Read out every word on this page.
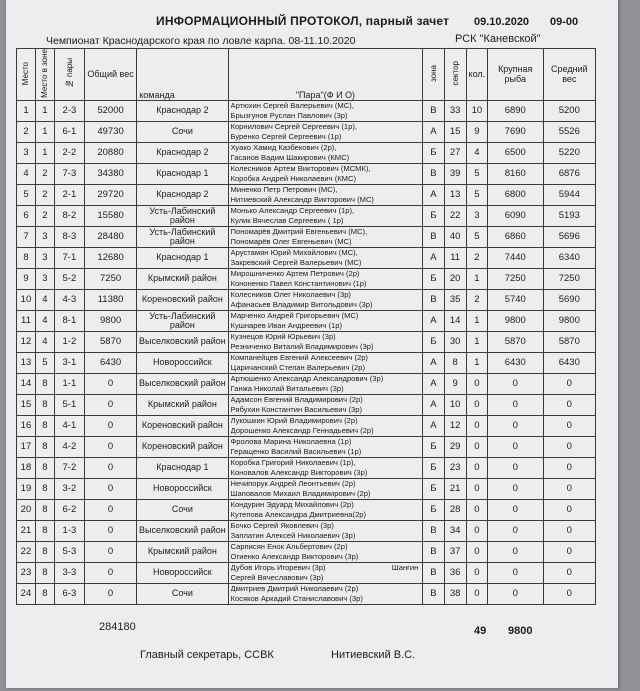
ИНФОРМАЦИОННЫЙ ПРОТОКОЛ, парный зачет 09.10.2020 09-00
Чемпионат Краснодарского края по ловле карпа. 08-11.10.2020	РСК "Каневской"
Место	Место в зоне	№ пары	Общий вес	команда	"Пара"(Ф И О)	зона	сектор	кол.	Крупная рыба	Средний вес
1	1	2-3	52000	Краснодар 2	Артюхин Сергей Валерьевич (МС),
Брызгунов Руслан Павлович (3р)	В	33	10	6890	5200
2	1	6-1	49730	Сочи	Корнилович Сергей Сергеевич (1р),
Буренко Сергей Сергеевич (1р)	А	15	9	7690	5526
3	1	2-2	20880	Краснодар 2	Хуако Хамид Казбекович (2р),
Гасанов Вадим Шакирович (КМС)	Б	27	4	6500	5220
4	2	7-3	34380	Краснодар 1	Колесников Артем Викторович (МСМК),
Коробка Андрей Николаевич (КМС)	В	39	5	8160	6876
5	2	2-1	29720	Краснодар 2	Миненко Петр Петрович (МС),
Нитиевский Александр Викторович (МС)	А	13	5	6800	5944
6	2	8-2	15580	Усть-Лабинский район	Монько Александр Сергеевич (1р),
Кулик Вячеслав Сергеевич ( 1р)	Б	22	3	6090	5193
7	3	8-3	28480	Усть-Лабинский район	Пономарёв Дмитрий Евгеньевич (МС),
Пономарёв Олег Евгеньевич (МС)	В	40	5	6860	5696
8	3	7-1	12680	Краснодар 1	Арустамян Юрий Михайлович (МС),
Закревский Сергей Валерьевич (МС)	А	11	2	7440	6340
9	3	5-2	7250	Крымский район	Мирошниченко Артем Петрович (2р)
Кононенко Павел Константинович (1р)	Б	20	1	7250	7250
10	4	4-3	11380	Кореновский район	Колесников Олег Николаевич (3р)
Афанасьев Владимир Витольдович (3р)	В	35	2	5740	5690
11	4	8-1	9800	Усть-Лабинский район	Марченко Андрей Григорьевич (МС)
Кушнарев Иван Андреевич (1р)	А	14	1	9800	9800
12	4	1-2	5870	Выселковский район	Кузнецов Юрий Юрьевич (3р)
Резниченко Виталий Владимирович (3р)	Б	30	1	5870	5870
13	5	3-1	6430	Новороссийск	Компанейцев Евгений Алексеевич (2р)
Царичанский Степан Валерьевич (2р)	А	8	1	6430	6430
14	8	1-1	0	Выселковский район	Артюшенко Александр Александрович (3р)
Ганжа Николай Витальевич (3р)	А	9	0	0	0
15	8	5-1	0	Крымский район	Адамсон Евгений Владимирович (2р)
Рябухин Константин Васильевич (3р)	А	10	0	0	0
16	8	4-1	0	Кореновский район	Лукошкин Юрий Владимирович (2р)
Дорошенко Александр Геннадьевич (2р)	А	12	0	0	0
17	8	4-2	0	Кореновский район	Фролова Марина Николаевна (1р)
Геращенко Василий Васильевич (1р)	Б	29	0	0	0
18	8	7-2	0	Краснодар 1	Коробка Григорий Николаевич (1р),
Коновалов Александр Викторович (3р)	Б	23	0	0	0
19	8	3-2	0	Новороссийск	Нечипорук Андрей Леонтьевич (2р)
Шаповалов Михаил Владимирович (2р)	Б	21	0	0	0
20	8	6-2	0	Сочи	Кондурин Эдуард Михайлович (2р)
Кутепова Александра Дмитриевна(2р)	Б	28	0	0	0
21	8	1-3	0	Выселковский район	Бочко Сергей Яковлевич (3р)
Заплатин Алексей Николаевич (3р)	В	34	0	0	0
22	8	5-3	0	Крымский район	Сарписян Енок Альбертович (2р)
Огиенко Александр Викторович (3р)	В	37	0	0	0
23	8	3-3	0	Новороссийск	Дубов Игорь Игоревич (3р) Шангин
Сергей Вячеславович (3р)	В	36	0	0	0
24	8	6-3	0	Сочи	Дмитриев Дмитрий Николаевич (2р)
Косяков Аркадий Станиславович (3р)	В	38	0	0	0
284180	49 9800
Главный секретарь, ССВК	Нитиевский В.С.
